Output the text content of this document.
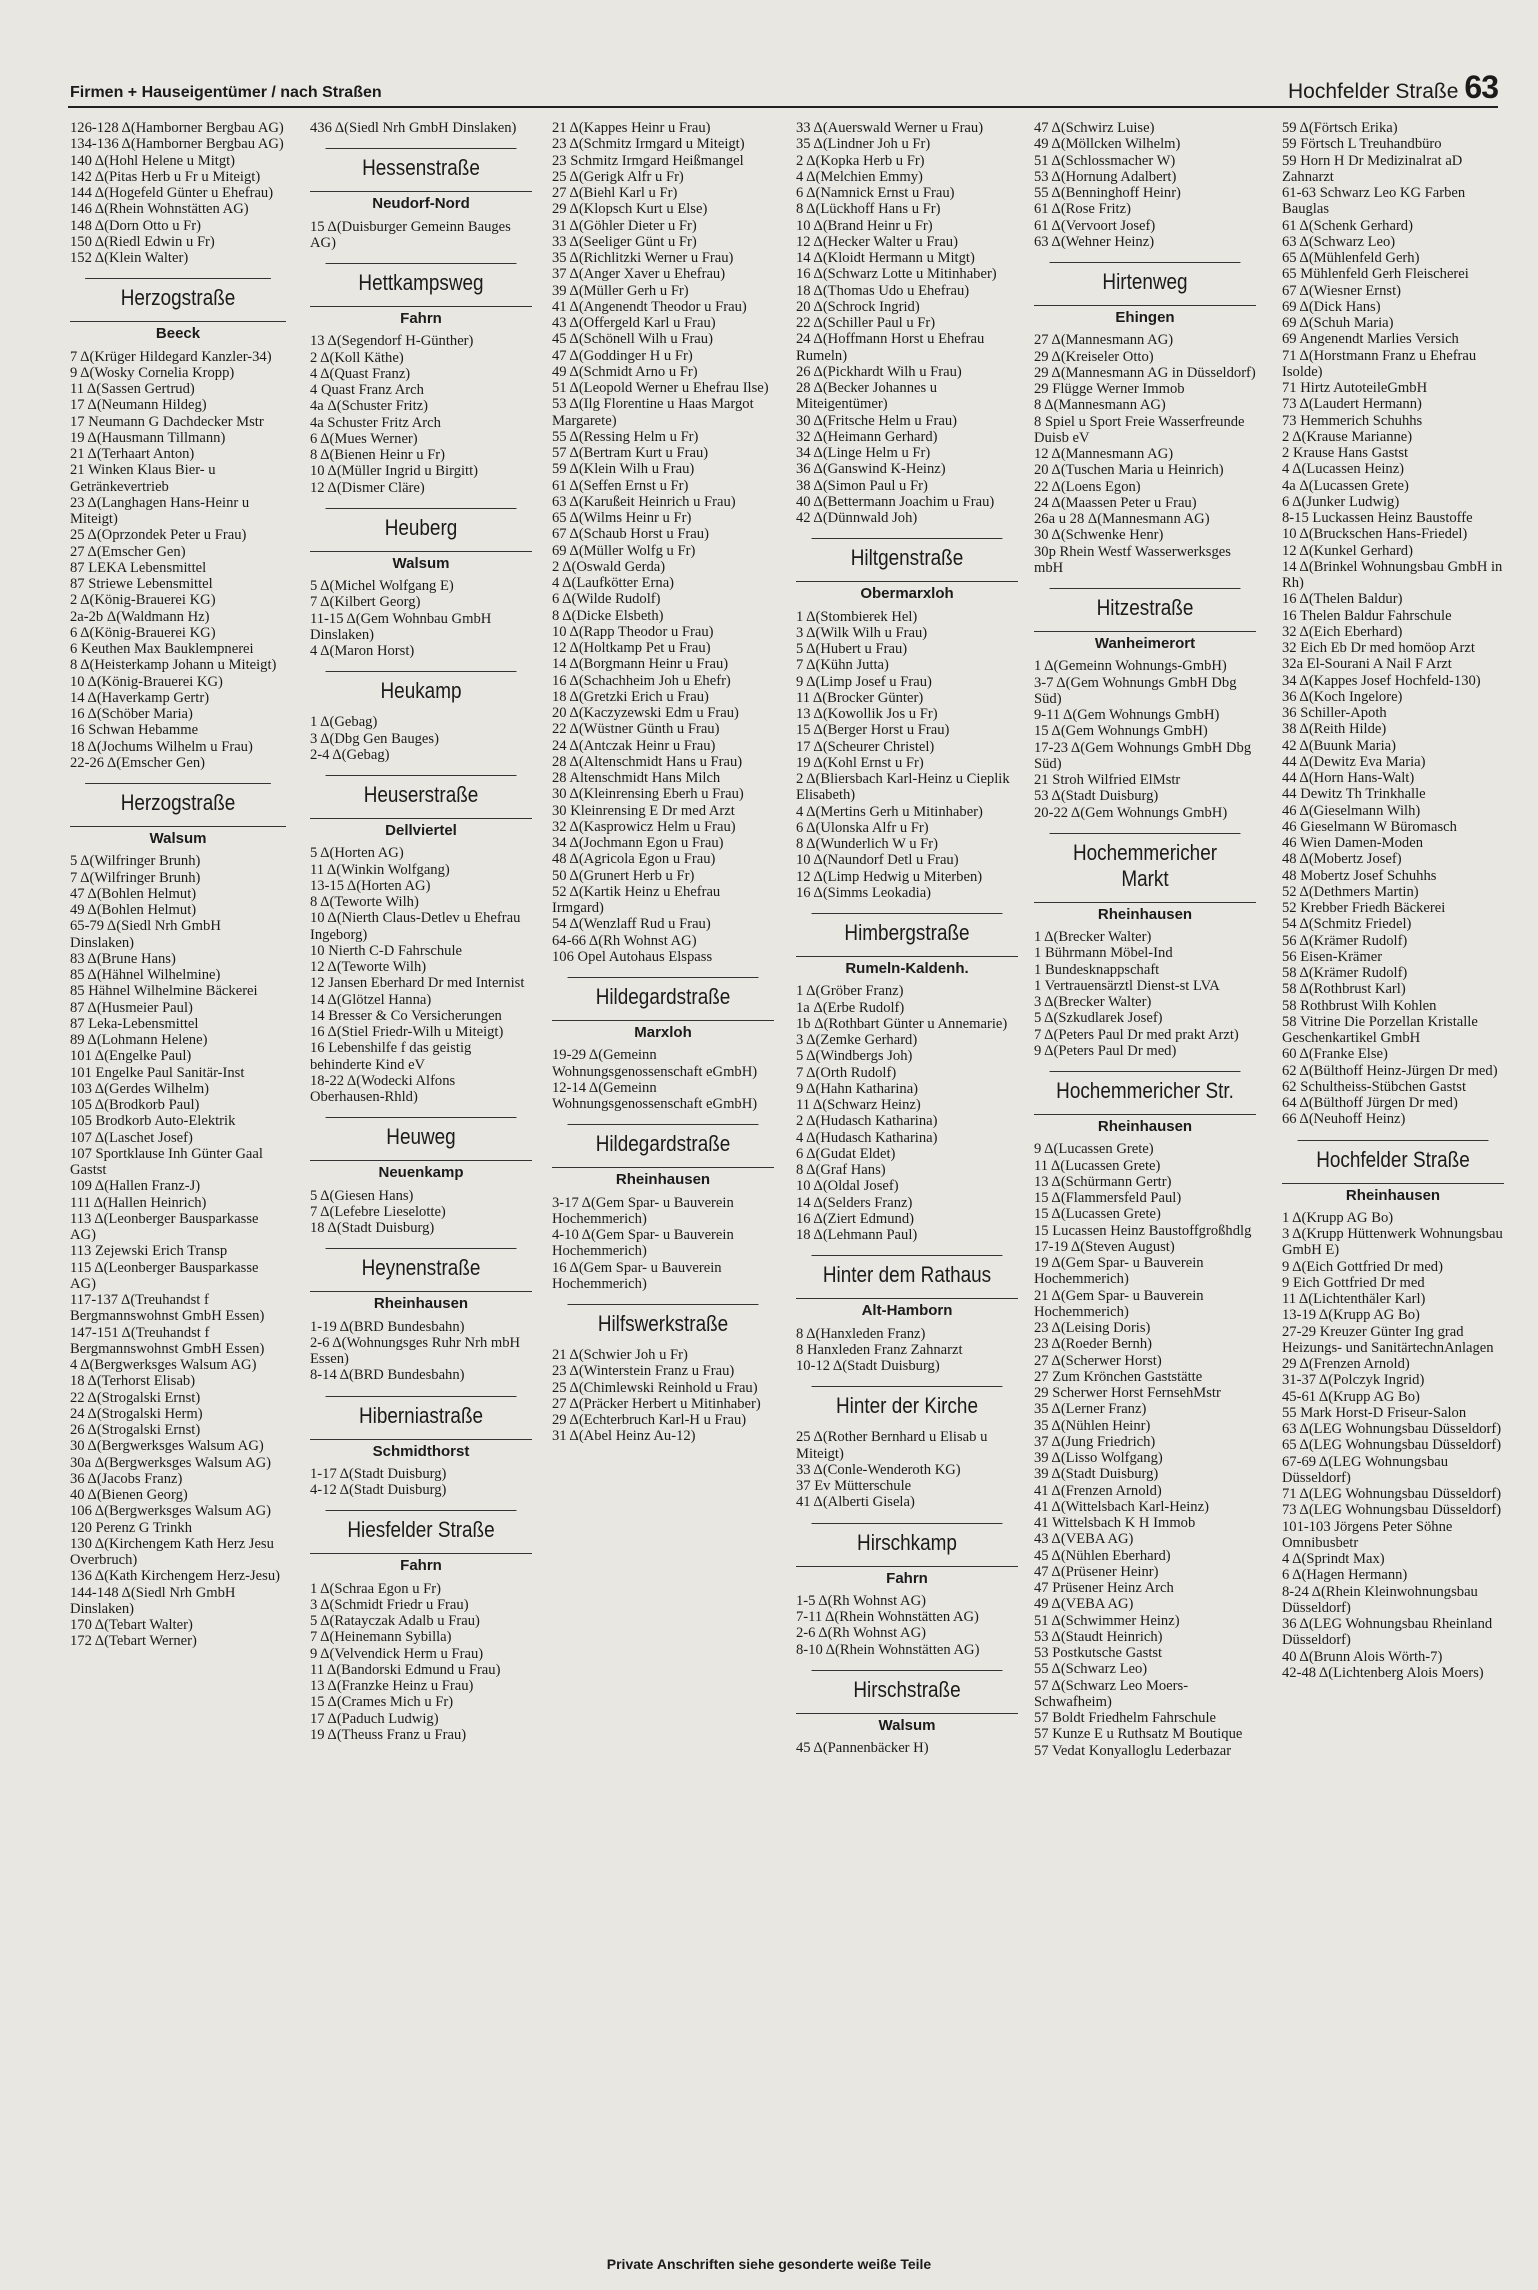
Firmen + Hauseigentümer / nach Straßen	Hochfelder Straße 63
126-128 Δ(Hamborner Bergbau AG)
134-136 Δ(Hamborner Bergbau AG)
140 Δ(Hohl Helene u Mitgt)
142 Δ(Pitas Herb u Fr u Miteigt)
144 Δ(Hogefeld Günter u Ehefrau)
146 Δ(Rhein Wohnstätten AG)
148 Δ(Dorn Otto u Fr)
150 Δ(Riedl Edwin u Fr)
152 Δ(Klein Walter)
Herzogstraße
Beeck
7 Δ(Krüger Hildegard Kanzler-34)
9 Δ(Wosky Cornelia Kropp)
11 Δ(Sassen Gertrud)
17 Δ(Neumann Hildeg)
17 Neumann G Dachdecker Mstr
19 Δ(Hausmann Tillmann)
21 Δ(Terhaart Anton)
21 Winken Klaus Bier- u Getränkevertrieb
23 Δ(Langhagen Hans-Heinr u Miteigt)
25 Δ(Oprzondek Peter u Frau)
27 Δ(Emscher Gen)
87 LEKA Lebensmittel
87 Striewe Lebensmittel
2 Δ(König-Brauerei KG)
2a-2b Δ(Waldmann Hz)
6 Δ(König-Brauerei KG)
6 Keuthen Max Bauklempnerei
8 Δ(Heisterkamp Johann u Miteigt)
10 Δ(König-Brauerei KG)
14 Δ(Haverkamp Gertr)
16 Δ(Schöber Maria)
16 Schwan Hebamme
18 Δ(Jochums Wilhelm u Frau)
22-26 Δ(Emscher Gen)
Herzogstraße
Walsum
5 Δ(Wilfringer Brunh)
7 Δ(Wilfringer Brunh)
47 Δ(Bohlen Helmut)
49 Δ(Bohlen Helmut)
65-79 Δ(Siedl Nrh GmbH Dinslaken)
83 Δ(Brune Hans)
85 Δ(Hähnel Wilhelmine)
85 Hähnel Wilhelmine Bäckerei
87 Δ(Husmeier Paul)
87 Leka-Lebensmittel
89 Δ(Lohmann Helene)
101 Δ(Engelke Paul)
101 Engelke Paul Sanitär-Inst
103 Δ(Gerdes Wilhelm)
105 Δ(Brodkorb Paul)
105 Brodkorb Auto-Elektrik
107 Δ(Laschet Josef)
107 Sportklause Inh Günter Gaal Gastst
109 Δ(Hallen Franz-J)
111 Δ(Hallen Heinrich)
113 Δ(Leonberger Bausparkasse AG)
113 Zejewski Erich Transp
115 Δ(Leonberger Bausparkasse AG)
117-137 Δ(Treuhandst f Bergmannswohnst GmbH Essen)
147-151 Δ(Treuhandst f Bergmannswohnst GmbH Essen)
4 Δ(Bergwerksges Walsum AG)
18 Δ(Terhorst Elisab)
22 Δ(Strogalski Ernst)
24 Δ(Strogalski Herm)
26 Δ(Strogalski Ernst)
30 Δ(Bergwerksges Walsum AG)
30a Δ(Bergwerksges Walsum AG)
36 Δ(Jacobs Franz)
40 Δ(Bienen Georg)
106 Δ(Bergwerksges Walsum AG)
120 Perenz G Trinkh
130 Δ(Kirchengem Kath Herz Jesu Overbruch)
136 Δ(Kath Kirchengem Herz-Jesu)
144-148 Δ(Siedl Nrh GmbH Dinslaken)
170 Δ(Tebart Walter)
172 Δ(Tebart Werner)
436 Δ(Siedl Nrh GmbH Dinslaken)
Hessenstraße
Neudorf-Nord
15 Δ(Duisburger Gemeinn Bauges AG)
Hettkampsweg
Fahrn
13 Δ(Segendorf H-Günther)
2 Δ(Koll Käthe)
4 Δ(Quast Franz)
4 Quast Franz Arch
4a Δ(Schuster Fritz)
4a Schuster Fritz Arch
6 Δ(Mues Werner)
8 Δ(Bienen Heinr u Fr)
10 Δ(Müller Ingrid u Birgitt)
12 Δ(Dismer Cläre)
Heuberg
Walsum
5 Δ(Michel Wolfgang E)
7 Δ(Kilbert Georg)
11-15 Δ(Gem Wohnbau GmbH Dinslaken)
4 Δ(Maron Horst)
Heukamp
1 Δ(Gebag)
3 Δ(Dbg Gen Bauges)
2-4 Δ(Gebag)
Heuserstraße
Dellviertel
5 Δ(Horten AG)
11 Δ(Winkin Wolfgang)
13-15 Δ(Horten AG)
8 Δ(Teworte Wilh)
10 Δ(Nierth Claus-Detlev u Ehefrau Ingeborg)
10 Nierth C-D Fahrschule
12 Δ(Teworte Wilh)
12 Jansen Eberhard Dr med Internist
14 Δ(Glötzel Hanna)
14 Bresser & Co Versicherungen
16 Δ(Stiel Friedr-Wilh u Miteigt)
16 Lebenshilfe f das geistig behinderte Kind eV
18-22 Δ(Wodecki Alfons Oberhausen-Rhld)
Heuweg
Neuenkamp
5 Δ(Giesen Hans)
7 Δ(Lefebre Lieselotte)
18 Δ(Stadt Duisburg)
Heynenstraße
Rheinhausen
1-19 Δ(BRD Bundesbahn)
2-6 Δ(Wohnungsges Ruhr Nrh mbH Essen)
8-14 Δ(BRD Bundesbahn)
Hiberniastraße
Schmidthorst
1-17 Δ(Stadt Duisburg)
4-12 Δ(Stadt Duisburg)
Hiesfelder Straße
Fahrn
1 Δ(Schraa Egon u Fr)
3 Δ(Schmidt Friedr u Frau)
5 Δ(Ratayczak Adalb u Frau)
7 Δ(Heinemann Sybilla)
9 Δ(Velvendick Herm u Frau)
11 Δ(Bandorski Edmund u Frau)
13 Δ(Franzke Heinz u Frau)
15 Δ(Crames Mich u Fr)
17 Δ(Paduch Ludwig)
19 Δ(Theuss Franz u Frau)
21 Δ(Kappes Heinr u Frau)
23 Δ(Schmitz Irmgard u Miteigt)
23 Schmitz Irmgard Heißmangel
25 Δ(Gerigk Alfr u Fr)
27 Δ(Biehl Karl u Fr)
29 Δ(Klopsch Kurt u Else)
31 Δ(Göhler Dieter u Fr)
33 Δ(Seeliger Günt u Fr)
35 Δ(Richlitzki Werner u Frau)
37 Δ(Anger Xaver u Ehefrau)
39 Δ(Müller Gerh u Fr)
41 Δ(Angenendt Theodor u Frau)
43 Δ(Offergeld Karl u Frau)
45 Δ(Schönell Wilh u Frau)
47 Δ(Goddinger H u Fr)
49 Δ(Schmidt Arno u Fr)
51 Δ(Leopold Werner u Ehefrau Ilse)
53 Δ(Ilg Florentine u Haas Margot Margarete)
55 Δ(Ressing Helm u Fr)
57 Δ(Bertram Kurt u Frau)
59 Δ(Klein Wilh u Frau)
61 Δ(Seffen Ernst u Fr)
63 Δ(Karußeit Heinrich u Frau)
65 Δ(Wilms Heinr u Fr)
67 Δ(Schaub Horst u Frau)
69 Δ(Müller Wolfg u Fr)
2 Δ(Oswald Gerda)
4 Δ(Laufkötter Erna)
6 Δ(Wilde Rudolf)
8 Δ(Dicke Elsbeth)
10 Δ(Rapp Theodor u Frau)
12 Δ(Holtkamp Pet u Frau)
14 Δ(Borgmann Heinr u Frau)
16 Δ(Schachheim Joh u Ehefr)
18 Δ(Gretzki Erich u Frau)
20 Δ(Kaczyzewski Edm u Frau)
22 Δ(Wüstner Günth u Frau)
24 Δ(Antczak Heinr u Frau)
28 Δ(Altenschmidt Hans u Frau)
28 Altenschmidt Hans Milch
30 Δ(Kleinrensing Eberh u Frau)
30 Kleinrensing E Dr med Arzt
32 Δ(Kasprowicz Helm u Frau)
34 Δ(Jochmann Egon u Frau)
48 Δ(Agricola Egon u Frau)
50 Δ(Grunert Herb u Fr)
52 Δ(Kartik Heinz u Ehefrau Irmgard)
54 Δ(Wenzlaff Rud u Frau)
64-66 Δ(Rh Wohnst AG)
106 Opel Autohaus Elspass
Hildegardstraße
Marxloh
19-29 Δ(Gemeinn Wohnungsgenossenschaft eGmbH)
12-14 Δ(Gemeinn Wohnungsgenossenschaft eGmbH)
Hildegardstraße
Rheinhausen
3-17 Δ(Gem Spar- u Bauverein Hochemmerich)
4-10 Δ(Gem Spar- u Bauverein Hochemmerich)
16 Δ(Gem Spar- u Bauverein Hochemmerich)
Hilfswerkstraße
21 Δ(Schwier Joh u Fr)
23 Δ(Winterstein Franz u Frau)
25 Δ(Chimlewski Reinhold u Frau)
27 Δ(Präcker Herbert u Mitinhaber)
29 Δ(Echterbruch Karl-H u Frau)
31 Δ(Abel Heinz Au-12)
33 Δ(Auerswald Werner u Frau)
35 Δ(Lindner Joh u Fr)
2 Δ(Kopka Herb u Fr)
4 Δ(Melchien Emmy)
6 Δ(Namnick Ernst u Frau)
8 Δ(Lückhoff Hans u Fr)
10 Δ(Brand Heinr u Fr)
12 Δ(Hecker Walter u Frau)
14 Δ(Kloidt Hermann u Mitgt)
16 Δ(Schwarz Lotte u Mitinhaber)
18 Δ(Thomas Udo u Ehefrau)
20 Δ(Schrock Ingrid)
22 Δ(Schiller Paul u Fr)
24 Δ(Hoffmann Horst u Ehefrau Rumeln)
26 Δ(Pickhardt Wilh u Frau)
28 Δ(Becker Johannes u Miteigentümer)
30 Δ(Fritsche Helm u Frau)
32 Δ(Heimann Gerhard)
34 Δ(Linge Helm u Fr)
36 Δ(Ganswind K-Heinz)
38 Δ(Simon Paul u Fr)
40 Δ(Bettermann Joachim u Frau)
42 Δ(Dünnwald Joh)
Hiltgenstraße
Obermarxloh
1 Δ(Stombierek Hel)
3 Δ(Wilk Wilh u Frau)
5 Δ(Hubert u Frau)
7 Δ(Kühn Jutta)
9 Δ(Limp Josef u Frau)
11 Δ(Brocker Günter)
13 Δ(Kowollik Jos u Fr)
15 Δ(Berger Horst u Frau)
17 Δ(Scheurer Christel)
19 Δ(Kohl Ernst u Fr)
2 Δ(Bliersbach Karl-Heinz u Cieplik Elisabeth)
4 Δ(Mertins Gerh u Mitinhaber)
6 Δ(Ulonska Alfr u Fr)
8 Δ(Wunderlich W u Fr)
10 Δ(Naundorf Detl u Frau)
12 Δ(Limp Hedwig u Miterben)
16 Δ(Simms Leokadia)
Himbergstraße
Rumeln-Kaldenh.
1 Δ(Gröber Franz)
1a Δ(Erbe Rudolf)
1b Δ(Rothbart Günter u Annemarie)
3 Δ(Zemke Gerhard)
5 Δ(Windbergs Joh)
7 Δ(Orth Rudolf)
9 Δ(Hahn Katharina)
11 Δ(Schwarz Heinz)
2 Δ(Hudasch Katharina)
4 Δ(Hudasch Katharina)
6 Δ(Gudat Eldet)
8 Δ(Graf Hans)
10 Δ(Oldal Josef)
14 Δ(Selders Franz)
16 Δ(Ziert Edmund)
18 Δ(Lehmann Paul)
Hinter dem Rathaus
Alt-Hamborn
8 Δ(Hanxleden Franz)
8 Hanxleden Franz Zahnarzt
10-12 Δ(Stadt Duisburg)
Hinter der Kirche
25 Δ(Rother Bernhard u Elisab u Miteigt)
33 Δ(Conle-Wenderoth KG)
37 Ev Mütterschule
41 Δ(Alberti Gisela)
Hirschkamp
Fahrn
1-5 Δ(Rh Wohnst AG)
7-11 Δ(Rhein Wohnstätten AG)
2-6 Δ(Rh Wohnst AG)
8-10 Δ(Rhein Wohnstätten AG)
Hirschstraße
Walsum
45 Δ(Pannenbäcker H)
47 Δ(Schwirz Luise)
49 Δ(Möllcken Wilhelm)
51 Δ(Schlossmacher W)
53 Δ(Hornung Adalbert)
55 Δ(Benninghoff Heinr)
61 Δ(Rose Fritz)
61 Δ(Vervoort Josef)
63 Δ(Wehner Heinz)
Hirtenweg
Ehingen
27 Δ(Mannesmann AG)
29 Δ(Kreiseler Otto)
29 Δ(Mannesmann AG in Düsseldorf)
29 Flügge Werner Immob
8 Δ(Mannesmann AG)
8 Spiel u Sport Freie Wasserfreunde Duisb eV
12 Δ(Mannesmann AG)
20 Δ(Tuschen Maria u Heinrich)
22 Δ(Loens Egon)
24 Δ(Maassen Peter u Frau)
26a u 28 Δ(Mannesmann AG)
30 Δ(Schwenke Henr)
30p Rhein Westf Wasserwerksges mbH
Hitzestraße
Wanheimerort
1 Δ(Gemeinn Wohnungs-GmbH)
3-7 Δ(Gem Wohnungs GmbH Dbg Süd)
9-11 Δ(Gem Wohnungs GmbH)
15 Δ(Gem Wohnungs GmbH)
17-23 Δ(Gem Wohnungs GmbH Dbg Süd)
21 Stroh Wilfried ElMstr
53 Δ(Stadt Duisburg)
20-22 Δ(Gem Wohnungs GmbH)
Hochemmericher Markt
Rheinhausen
1 Δ(Brecker Walter)
1 Bührmann Möbel-Ind
1 Bundesknappschaft
1 Vertrauensärztl Dienst-st LVA
3 Δ(Brecker Walter)
5 Δ(Szkudlarek Josef)
7 Δ(Peters Paul Dr med prakt Arzt)
9 Δ(Peters Paul Dr med)
Hochemmericher Str.
Rheinhausen
9 Δ(Lucassen Grete)
11 Δ(Lucassen Grete)
13 Δ(Schürmann Gertr)
15 Δ(Flammersfeld Paul)
15 Δ(Lucassen Grete)
15 Lucassen Heinz Baustoffgroßhdlg
17-19 Δ(Steven August)
19 Δ(Gem Spar- u Bauverein Hochemmerich)
21 Δ(Gem Spar- u Bauverein Hochemmerich)
23 Δ(Leising Doris)
23 Δ(Roeder Bernh)
27 Δ(Scherwer Horst)
27 Zum Krönchen Gaststätte
29 Scherwer Horst FernsehMstr
35 Δ(Lerner Franz)
35 Δ(Nühlen Heinr)
37 Δ(Jung Friedrich)
39 Δ(Lisso Wolfgang)
39 Δ(Stadt Duisburg)
41 Δ(Frenzen Arnold)
41 Δ(Wittelsbach Karl-Heinz)
41 Wittelsbach K H Immob
43 Δ(VEBA AG)
45 Δ(Nühlen Eberhard)
47 Δ(Prüsener Heinr)
47 Prüsener Heinz Arch
49 Δ(VEBA AG)
51 Δ(Schwimmer Heinz)
53 Δ(Staudt Heinrich)
53 Postkutsche Gastst
55 Δ(Schwarz Leo)
57 Δ(Schwarz Leo Moers-Schwafheim)
57 Boldt Friedhelm Fahrschule
57 Kunze E u Ruthsatz M Boutique
57 Vedat Konyalloglu Lederbazar
59 Δ(Förtsch Erika)
59 Förtsch L Treuhandbüro
59 Horn H Dr Medizinalrat aD Zahnarzt
61-63 Schwarz Leo KG Farben Bauglas
61 Δ(Schenk Gerhard)
63 Δ(Schwarz Leo)
65 Δ(Mühlenfeld Gerh)
65 Mühlenfeld Gerh Fleischerei
67 Δ(Wiesner Ernst)
69 Δ(Dick Hans)
69 Δ(Schuh Maria)
69 Angenendt Marlies Versich
71 Δ(Horstmann Franz u Ehefrau Isolde)
71 Hirtz AutoteileGmbH
73 Δ(Laudert Hermann)
73 Hemmerich Schuhhs
2 Δ(Krause Marianne)
2 Krause Hans Gastst
4 Δ(Lucassen Heinz)
4a Δ(Lucassen Grete)
6 Δ(Junker Ludwig)
8-15 Luckassen Heinz Baustoffe
10 Δ(Bruckschen Hans-Friedel)
12 Δ(Kunkel Gerhard)
14 Δ(Brinkel Wohnungsbau GmbH in Rh)
16 Δ(Thelen Baldur)
16 Thelen Baldur Fahrschule
32 Δ(Eich Eberhard)
32 Eich Eb Dr med homöop Arzt
32a El-Sourani A Nail F Arzt
34 Δ(Kappes Josef Hochfeld-130)
36 Δ(Koch Ingelore)
36 Schiller-Apoth
38 Δ(Reith Hilde)
42 Δ(Buunk Maria)
44 Δ(Dewitz Eva Maria)
44 Δ(Horn Hans-Walt)
44 Dewitz Th Trinkhalle
46 Δ(Gieselmann Wilh)
46 Gieselmann W Büromasch
46 Wien Damen-Moden
48 Δ(Mobertz Josef)
48 Mobertz Josef Schuhhs
52 Δ(Dethmers Martin)
52 Krebber Friedh Bäckerei
54 Δ(Schmitz Friedel)
56 Δ(Krämer Rudolf)
56 Eisen-Krämer
58 Δ(Krämer Rudolf)
58 Δ(Rothbrust Karl)
58 Rothbrust Wilh Kohlen
58 Vitrine Die Porzellan Kristalle Geschenkartikel GmbH
60 Δ(Franke Else)
62 Δ(Bülthoff Heinz-Jürgen Dr med)
62 Schultheiss-Stübchen Gastst
64 Δ(Bülthoff Jürgen Dr med)
66 Δ(Neuhoff Heinz)
Hochfelder Straße
Rheinhausen
1 Δ(Krupp AG Bo)
3 Δ(Krupp Hüttenwerk Wohnungsbau GmbH E)
9 Δ(Eich Gottfried Dr med)
9 Eich Gottfried Dr med
11 Δ(Lichtenthäler Karl)
13-19 Δ(Krupp AG Bo)
27-29 Kreuzer Günter Ing grad Heizungs- und SanitärtechnAnlagen
29 Δ(Frenzen Arnold)
31-37 Δ(Polczyk Ingrid)
45-61 Δ(Krupp AG Bo)
55 Mark Horst-D Friseur-Salon
63 Δ(LEG Wohnungsbau Düsseldorf)
65 Δ(LEG Wohnungsbau Düsseldorf)
67-69 Δ(LEG Wohnungsbau Düsseldorf)
71 Δ(LEG Wohnungsbau Düsseldorf)
73 Δ(LEG Wohnungsbau Düsseldorf)
101-103 Jörgens Peter Söhne Omnibusbetr
4 Δ(Sprindt Max)
6 Δ(Hagen Hermann)
8-24 Δ(Rhein Kleinwohnungsbau Düsseldorf)
36 Δ(LEG Wohnungsbau Rheinland Düsseldorf)
40 Δ(Brunn Alois Wörth-7)
42-48 Δ(Lichtenberg Alois Moers)
Private Anschriften siehe gesonderte weiße Teile
